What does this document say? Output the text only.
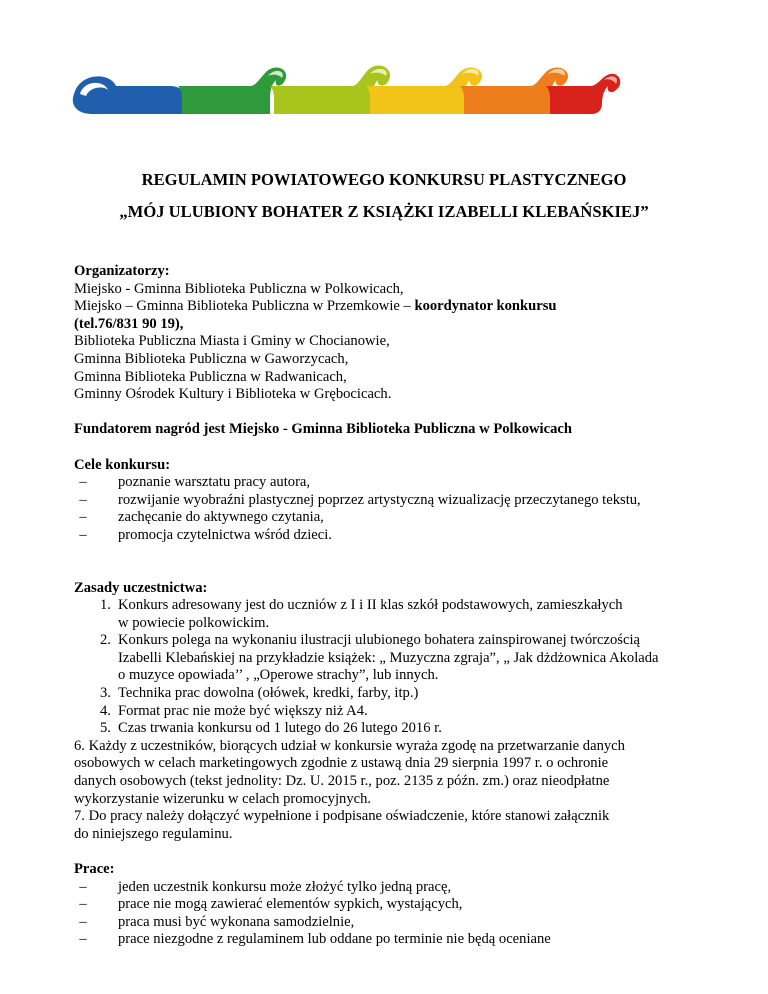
REGULAMIN POWIATOWEGO KONKURSU PLASTYCZNEGO
„MÓJ ULUBIONY BOHATER Z KSIĄŻKI IZABELLI KLEBAŃSKIEJ”
Organizatorzy:
Miejsko - Gminna Biblioteka Publiczna w Polkowicach,
Miejsko – Gminna Biblioteka Publiczna w Przemkowie – koordynator konkursu
(tel.76/831 90 19),
Biblioteka Publiczna Miasta i Gminy w Chocianowie,
Gminna Biblioteka Publiczna w Gaworzycach,
Gminna Biblioteka Publiczna w Radwanicach,
Gminny Ośrodek Kultury i Biblioteka w Grębocicach.

Fundatorem nagród jest Miejsko - Gminna Biblioteka Publiczna w Polkowicach

Cele konkursu:
–	poznanie warsztatu pracy autora,
–	rozwijanie wyobraźni plastycznej poprzez artystyczną wizualizację przeczytanego tekstu,
–	zachęcanie do aktywnego czytania,
–	promocja czytelnictwa wśród dzieci.
Zasady uczestnictwa:
1. Konkurs adresowany jest do uczniów z I i II klas szkół podstawowych, zamieszkałych
w powiecie polkowickim.
2. Konkurs polega na wykonaniu ilustracji ulubionego bohatera zainspirowanej twórczością
Izabelli Klebańskiej na przykładzie książek: „ Muzyczna zgraja”, „ Jak dżdżownica Akolada
o muzyce opowiada’’ , „Operowe strachy”, lub innych.
3. Technika prac dowolna (ołówek, kredki, farby, itp.)
4. Format prac nie może być większy niż A4.
5. Czas trwania konkursu od 1 lutego do 26 lutego 2016 r.
6. Każdy z uczestników, biorących udział w konkursie wyraża zgodę na przetwarzanie danych
osobowych w celach marketingowych zgodnie z ustawą dnia 29 sierpnia 1997 r. o ochronie
danych osobowych (tekst jednolity: Dz. U. 2015 r., poz. 2135 z późn. zm.) oraz nieodpłatne
wykorzystanie wizerunku w celach promocyjnych.
7. Do pracy należy dołączyć wypełnione i podpisane oświadczenie, które stanowi załącznik
do niniejszego regulaminu.
Prace:
–	jeden uczestnik konkursu może złożyć tylko jedną pracę,
–	prace nie mogą zawierać elementów sypkich, wystających,
–	praca musi być wykonana samodzielnie,
–	prace niezgodne z regulaminem lub oddane po terminie nie będą oceniane
